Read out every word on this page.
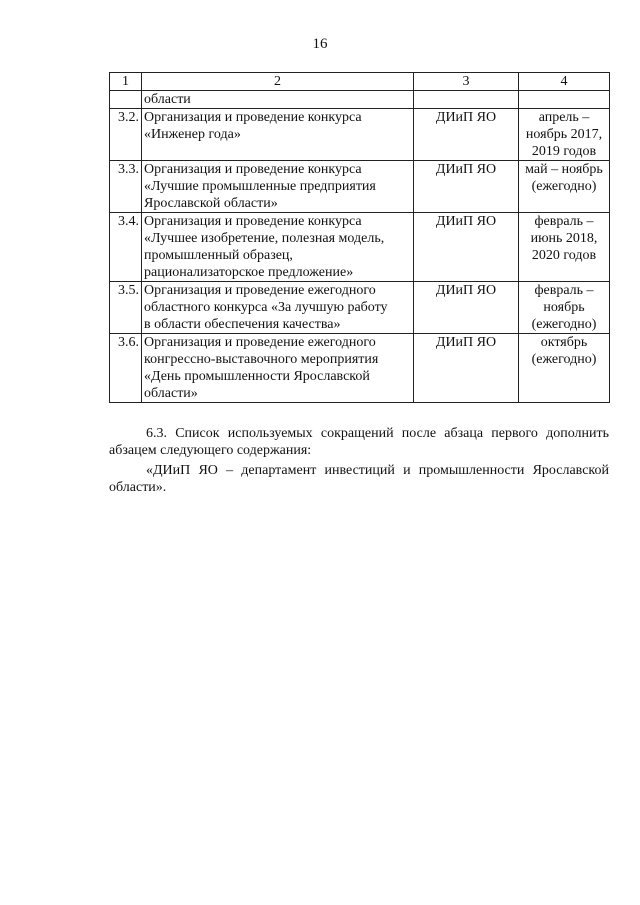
16
1	2	3	4
	области		
3.2.	Организация и проведение конкурса
«Инженер года»	ДИиП ЯО	апрель –
ноябрь 2017,
2019 годов

3.3.	Организация и проведение конкурса
«Лучшие промышленные предприятия
Ярославской области»	ДИиП ЯО	май – ноябрь
(ежегодно)

3.4.	Организация и проведение конкурса
«Лучшее изобретение, полезная модель,
промышленный образец,
рационализаторское предложение»	ДИиП ЯО	февраль –
июнь 2018,
2020 годов

3.5.	Организация и проведение ежегодного
областного конкурса «За лучшую работу
в области обеспечения качества»	ДИиП ЯО	февраль –
ноябрь
(ежегодно)

3.6.	Организация и проведение ежегодного
конгрессно-выставочного мероприятия
«День промышленности Ярославской
области»	ДИиП ЯО	октябрь
(ежегодно)

6.3. Список используемых сокращений после абзаца первого дополнить абзацем следующего содержания:

«ДИиП ЯО – департамент инвестиций и промышленности Ярославской области».
